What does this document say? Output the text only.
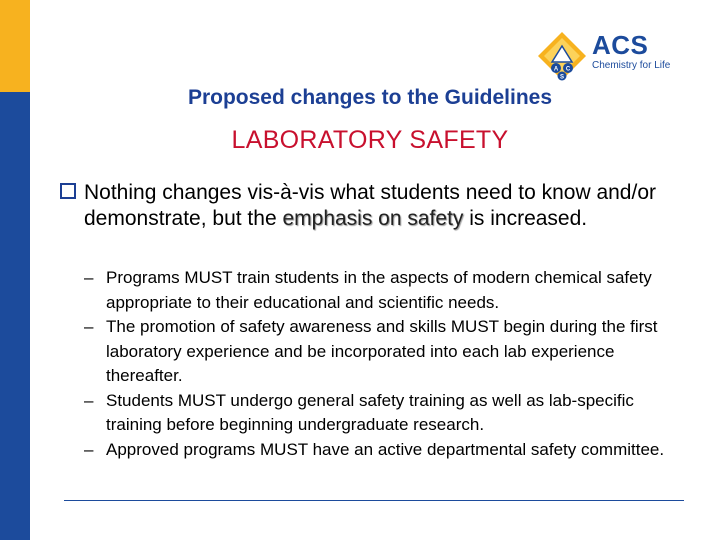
A C
S
ACS
Chemistry for Life
Proposed changes to the Guidelines
LABORATORY SAFETY
Nothing changes vis-à-vis what students need to know and/or demonstrate, but the emphasis on safety is increased.
– Programs MUST train students in the aspects of modern chemical safety appropriate to their educational and scientific needs.
– The promotion of safety awareness and skills MUST begin during the first laboratory experience and be incorporated into each lab experience thereafter.
– Students MUST undergo general safety training as well as lab-specific training before beginning undergraduate research.
– Approved programs MUST have an active departmental safety committee.
